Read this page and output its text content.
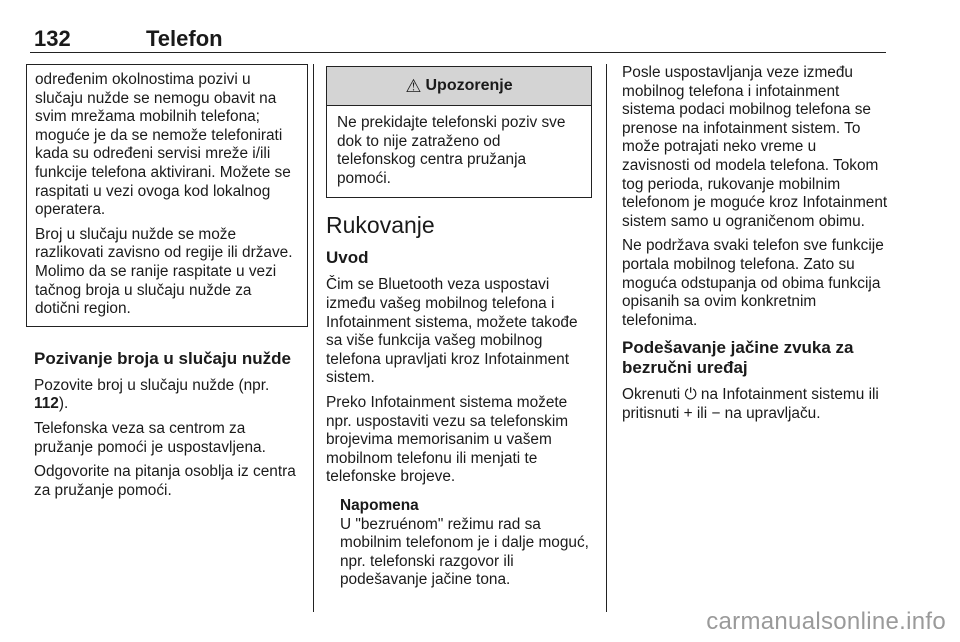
132	Telefon

određenim okolnostima pozivi u slučaju nužde se nemogu obavit na svim mrežama mobilnih telefona; moguće je da se nemože telefonirati kada su određeni servisi mreže i/ili funkcije telefona aktivirani. Možete se raspitati u vezi ovoga kod lokalnog operatera.

Broj u slučaju nužde se može razlikovati zavisno od regije ili države. Molimo da se ranije raspitate u vezi tačnog broja u slučaju nužde za dotični region.

Pozivanje broja u slučaju nužde

Pozovite broj u slučaju nužde (npr. 112).

Telefonska veza sa centrom za pružanje pomoći je uspostavljena.

Odgovorite na pitanja osoblja iz centra za pružanje pomoći.

⚠ Upozorenje
Ne prekidajte telefonski poziv sve dok to nije zatraženo od telefonskog centra pružanja pomoći.
Rukovanje
Uvod

Čim se Bluetooth veza uspostavi između vašeg mobilnog telefona i Infotainment sistema, možete takođe sa više funkcija vašeg mobilnog telefona upravljati kroz Infotainment sistem.

Preko Infotainment sistema možete npr. uspostaviti vezu sa telefonskim brojevima memorisanim u vašem mobilnom telefonu ili menjati te telefonske brojeve.

Napomena
U "bezruénom" režimu rad sa mobilnim telefonom je i dalje moguć, npr. telefonski razgovor ili podešavanje jačine tona.

Posle uspostavljanja veze između mobilnog telefona i infotainment sistema podaci mobilnog telefona se prenose na infotainment sistem. To može potrajati neko vreme u zavisnosti od modela telefona. Tokom tog perioda, rukovanje mobilnim telefonom je moguće kroz Infotainment sistem samo u ograničenom obimu.

Ne podržava svaki telefon sve funkcije portala mobilnog telefona. Zato su moguća odstupanja od obima funkcija opisanih sa ovim konkretnim telefonima.

Podešavanje jačine zvuka za bezručni uređaj

Okrenuti ⏻ na Infotainment sistemu ili pritisnuti + ili − na upravljaču.

carmanualsonline.info
